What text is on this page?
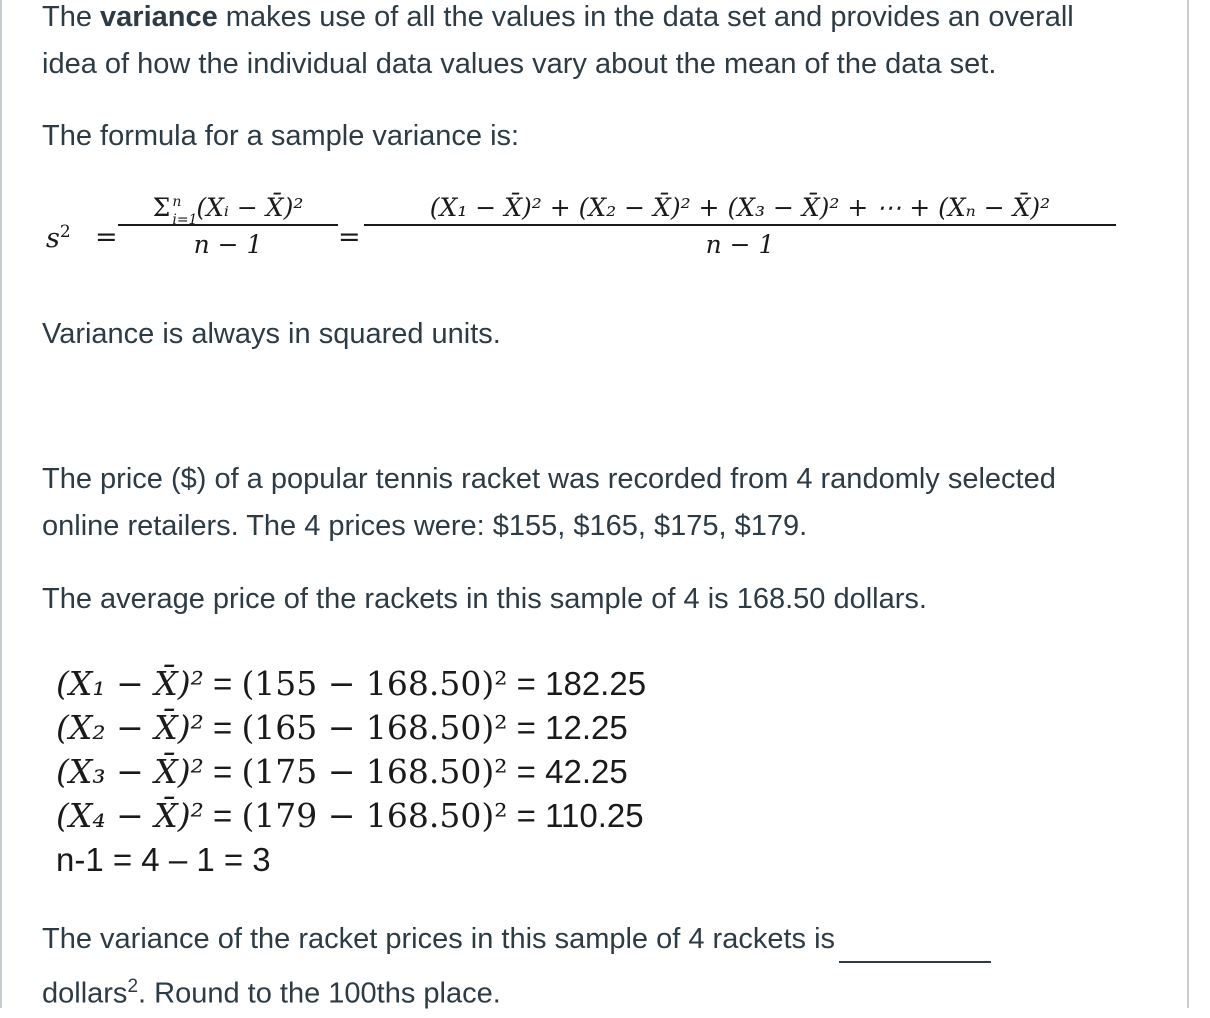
The variance makes use of all the values in the data set and provides an overall

idea of how the individual data values vary about the mean of the data set.

The formula for a sample variance is:

$s^2$ =
Σ n
i=1
(Xᵢ − X̄)²
n − 1	=
(X₁ − X̄)² + (X₂ − X̄)² + (X₃ − X̄)² + ⋯ + (Xₙ − X̄)²
n − 1

Variance is always in squared units.

The price ($) of a popular tennis racket was recorded from 4 randomly selected

online retailers. The 4 prices were: $155, $165, $175, $179.

The average price of the rackets in this sample of 4 is 168.50 dollars.

(X₁ − X̄)² = (155 − 168.50)² = 182.25
(X₂ − X̄)² = (165 − 168.50)² = 12.25
(X₃ − X̄)² = (175 − 168.50)² = 42.25
(X₄ − X̄)² = (179 − 168.50)² = 110.25
n-1 = 4 – 1 = 3

The variance of the racket prices in this sample of 4 rackets is

dollars$^2$. Round to the 100ths place.
